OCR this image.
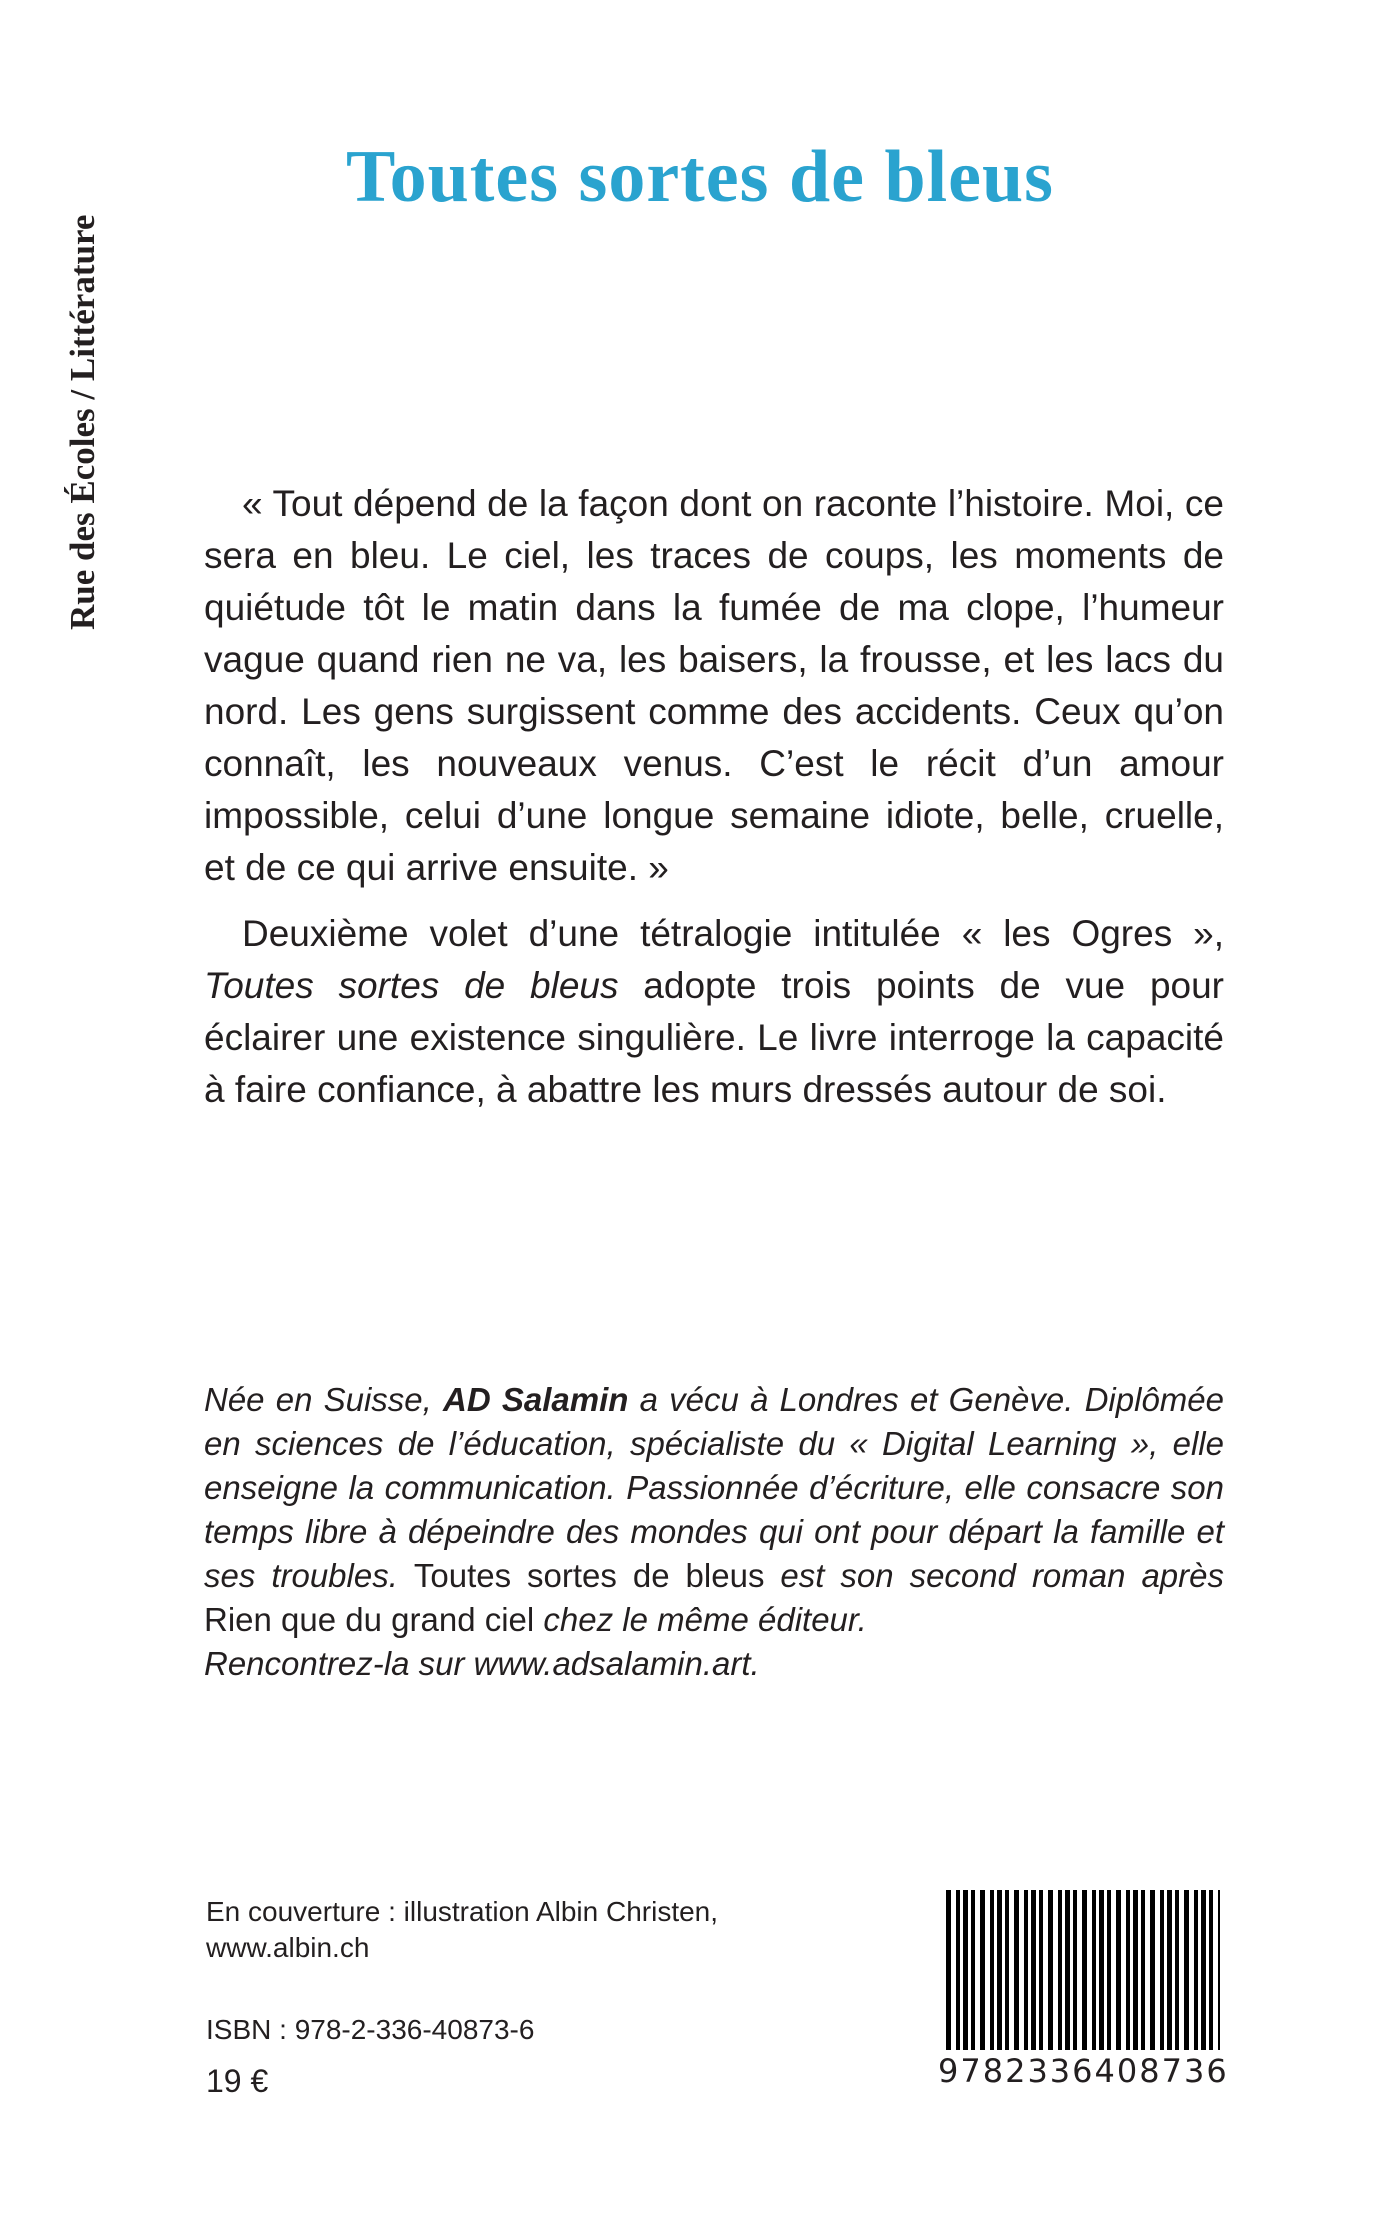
Rue des Écoles / Littérature
Toutes sortes de bleus

« Tout dépend de la façon dont on raconte l’histoire. Moi, ce sera en bleu. Le ciel, les traces de coups, les moments de quiétude tôt le matin dans la fumée de ma clope, l’humeur vague quand rien ne va, les baisers, la frousse, et les lacs du nord. Les gens surgissent comme des accidents. Ceux qu’on connaît, les nouveaux venus. C’est le récit d’un amour impossible, celui d’une longue semaine idiote, belle, cruelle, et de ce qui arrive ensuite. »

Deuxième volet d’une tétralogie intitulée « les Ogres », Toutes sortes de bleus adopte trois points de vue pour éclairer une existence singulière. Le livre interroge la capacité à faire confiance, à abattre les murs dressés autour de soi.

Née en Suisse, AD Salamin a vécu à Londres et Genève. Diplômée en sciences de l’éducation, spécialiste du « Digital Learning », elle enseigne la communication. Passionnée d’écriture, elle consacre son temps libre à dépeindre des mondes qui ont pour départ la famille et ses troubles. Toutes sortes de bleus est son second roman après Rien que du grand ciel chez le même éditeur.

Rencontrez-la sur www.adsalamin.art.

En couverture : illustration Albin Christen,
www.albin.ch
ISBN : 978-2-336-40873-6
19 €	9782336408736
